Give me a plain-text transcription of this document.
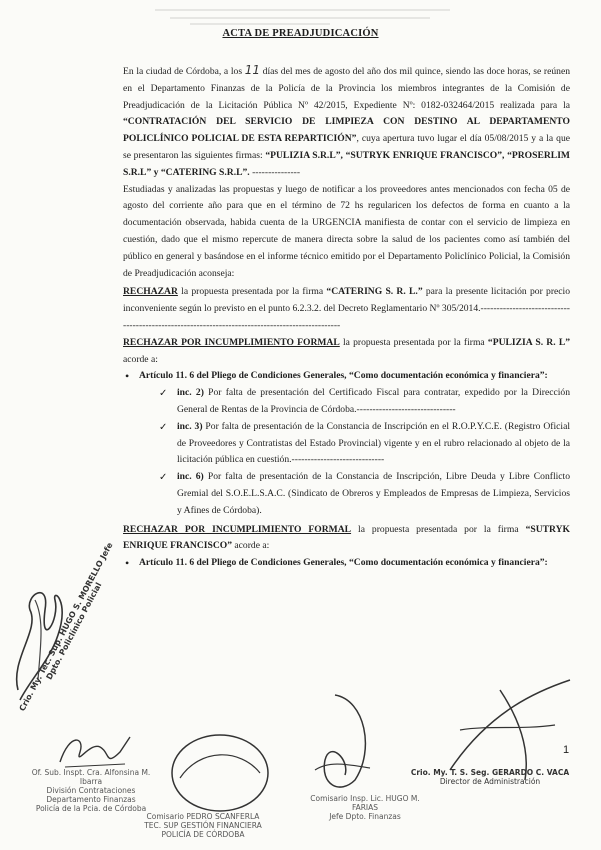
ACTA DE PREADJUDICACIÓN

En la ciudad de Córdoba, a los 11 días del mes de agosto del año dos mil quince, siendo las doce horas, se reúnen en el Departamento Finanzas de la Policía de la Provincia los miembros integrantes de la Comisión de Preadjudicación de la Licitación Pública Nº 42/2015, Expediente Nº: 0182-032464/2015 realizada para la “CONTRATACIÓN DEL SERVICIO DE LIMPIEZA CON DESTINO AL DEPARTAMENTO POLICLÍNICO POLICIAL DE ESTA REPARTICIÓN”, cuya apertura tuvo lugar el día 05/08/2015 y a la que se presentaron las siguientes firmas: “PULIZIA S.R.L”, “SUTRYK ENRIQUE FRANCISCO”, “PROSERLIM S.R.L” y “CATERING S.R.L”. ---------------

Estudiadas y analizadas las propuestas y luego de notificar a los proveedores antes mencionados con fecha 05 de agosto del corriente año para que en el término de 72 hs regularicen los defectos de forma en cuanto a la documentación observada, habida cuenta de la URGENCIA manifiesta de contar con el servicio de limpieza en cuestión, dado que el mismo repercute de manera directa sobre la salud de los pacientes como así también del público en general y basándose en el informe técnico emitido por el Departamento Policlínico Policial, la Comisión de Preadjudicación aconseja:

RECHAZAR la propuesta presentada por la firma “CATERING S. R. L.” para la presente licitación por precio inconveniente según lo previsto en el punto 6.2.3.2. del Decreto Reglamentario Nº 305/2014.------------------------------------------------------------------------------------------------

RECHAZAR POR INCUMPLIMIENTO FORMAL la propuesta presentada por la firma “PULIZIA S. R. L” acorde a:

• Artículo 11. 6 del Pliego de Condiciones Generales, “Como documentación económica y financiera”:
✓ inc. 2) Por falta de presentación del Certificado Fiscal para contratar, expedido por la Dirección General de Rentas de la Provincia de Córdoba.-------------------------------
✓ inc. 3) Por falta de presentación de la Constancia de Inscripción en el R.O.P.Y.C.E. (Registro Oficial de Proveedores y Contratistas del Estado Provincial) vigente y en el rubro relacionado al objeto de la licitación pública en cuestión.-----------------------------
✓ inc. 6) Por falta de presentación de la Constancia de Inscripción, Libre Deuda y Libre Conflicto Gremial del S.O.E.L.S.A.C. (Sindicato de Obreros y Empleados de Empresas de Limpieza, Servicios y Afines de Córdoba).

RECHAZAR POR INCUMPLIMIENTO FORMAL la propuesta presentada por la firma “SUTRYK ENRIQUE FRANCISCO” acorde a:

• Artículo 11. 6 del Pliego de Condiciones Generales, “Como documentación económica y financiera”:
Crio. My. Tec. Sup. HUGO S. MORELLO Jefe Dpto. Policlínico Policial
1
Of. Sub. Inspt. Cra. Alfonsina M. Ibarra
División Contrataciones
Departamento Finanzas
Policía de la Pcia. de Córdoba
Comisario PEDRO SCANFERLA
TEC. SUP GESTIÓN FINANCIERA
POLICÍA DE CÓRDOBA
Comisario Insp. Lic. HUGO M. FARIAS
Jefe Dpto. Finanzas
Crio. My. T. S. Seg. GERARDO C. VACA
Director de Administración
